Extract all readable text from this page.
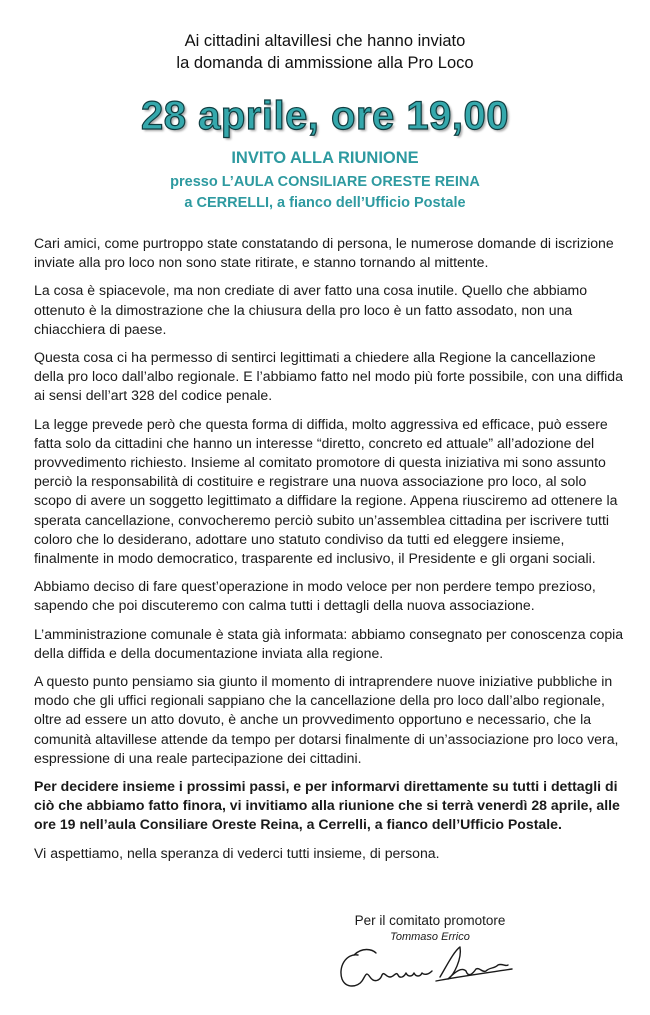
Ai cittadini altavillesi che hanno inviato
la domanda di ammissione alla Pro Loco
28 aprile, ore 19,00
INVITO ALLA RIUNIONE
presso L’AULA CONSILIARE ORESTE REINA
a CERRELLI, a fianco dell’Ufficio Postale

Cari amici, come purtroppo state constatando di persona, le numerose domande di iscrizione inviate alla pro loco non sono state ritirate, e stanno tornando al mittente.

La cosa è spiacevole, ma non crediate di aver fatto una cosa inutile. Quello che abbiamo ottenuto è la dimostrazione che la chiusura della pro loco è un fatto assodato, non una chiacchiera di paese.

Questa cosa ci ha permesso di sentirci legittimati a chiedere alla Regione la cancellazione della pro loco dall’albo regionale. E l’abbiamo fatto nel modo più forte possibile, con una diffida ai sensi dell’art 328 del codice penale.

La legge prevede però che questa forma di diffida, molto aggressiva ed efficace, può essere fatta solo da cittadini che hanno un interesse “diretto, concreto ed attuale” all’adozione del provvedimento richiesto. Insieme al comitato promotore di questa iniziativa mi sono assunto perciò la responsabilità di costituire e registrare una nuova associazione pro loco, al solo scopo di avere un soggetto legittimato a diffidare la regione. Appena riusciremo ad ottenere la sperata cancellazione, convocheremo perciò subito un’assemblea cittadina per iscrivere tutti coloro che lo desiderano, adottare uno statuto condiviso da tutti ed eleggere insieme, finalmente in modo democratico, trasparente ed inclusivo, il Presidente e gli organi sociali.

Abbiamo deciso di fare quest’operazione in modo veloce per non perdere tempo prezioso, sapendo che poi discuteremo con calma tutti i dettagli della nuova associazione.

L’amministrazione comunale è stata già informata: abbiamo consegnato per conoscenza copia della diffida e della documentazione inviata alla regione.

A questo punto pensiamo sia giunto il momento di intraprendere nuove iniziative pubbliche in modo che gli uffici regionali sappiano che la cancellazione della pro loco dall’albo regionale, oltre ad essere un atto dovuto, è anche un provvedimento opportuno e necessario, che la comunità altavillese attende da tempo per dotarsi finalmente di un’associazione pro loco vera, espressione di una reale partecipazione dei cittadini.

Per decidere insieme i prossimi passi, e per informarvi direttamente su tutti i dettagli di ciò che abbiamo fatto finora, vi invitiamo alla riunione che si terrà venerdì 28 aprile, alle ore 19 nell’aula Consiliare Oreste Reina, a Cerrelli, a fianco dell’Ufficio Postale.

Vi aspettiamo, nella speranza di vederci tutti insieme, di persona.

Per il comitato promotore
Tommaso Errico
